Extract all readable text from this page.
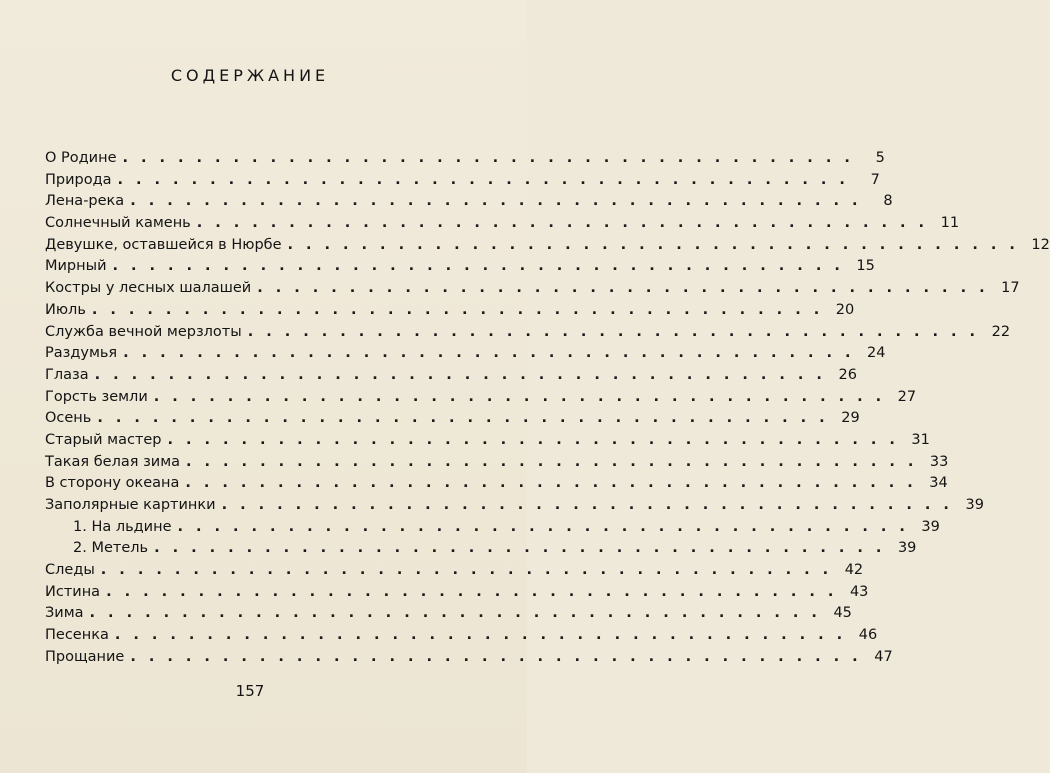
СОДЕРЖАНИЕ
О Родине ........................................ 5
Природа ........................................ 7
Лена-река ........................................ 8
Солнечный камень ........................................ 11
Девушке, оставшейся в Нюрбе ........................................ 12
Мирный ........................................ 15
Костры у лесных шалашей ........................................ 17
Июль ........................................ 20
Служба вечной мерзлоты ........................................ 22
Раздумья ........................................ 24
Глаза ........................................ 26
Горсть земли ........................................ 27
Осень ........................................ 29
Старый мастер ........................................ 31
Такая белая зима ........................................ 33
В сторону океана ........................................ 34
Заполярные картинки ........................................ 39
1. На льдине ........................................ 39
2. Метель ........................................ 39
Следы ........................................ 42
Истина ........................................ 43
Зима ........................................ 45
Песенка ........................................ 46
Прощание ........................................ 47
157
